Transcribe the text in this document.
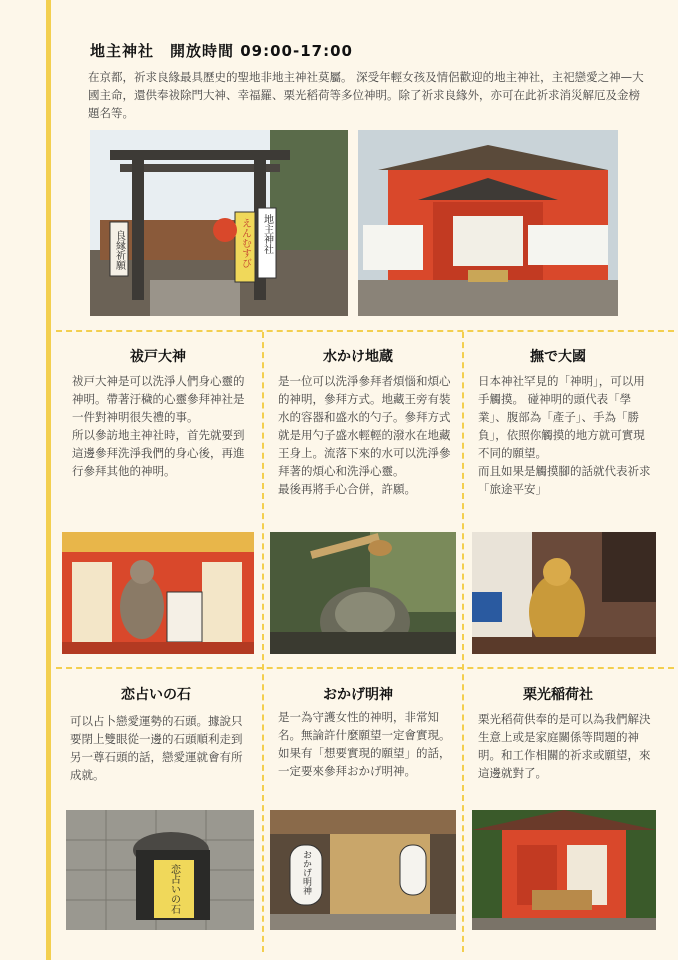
地主神社　開放時間 09:00-17:00
在京都，祈求良緣最具歷史的聖地非地主神社莫屬。 深受年輕女孩及情侶歡迎的地主神社，主祀戀愛之神—大國主命，還供奉祓除門大神、幸福羅、栗光稻荷等多位神明。除了祈求良緣外，亦可在此祈求消災解厄及金榜題名等。
良縁祈願	えんむすび 地主神社
祓戸大神
祓戸大神是可以洗淨人們身心靈的神明。帶著汙穢的心靈參拜神社是一件對神明很失禮的事。
所以參訪地主神社時，首先就要到這邊參拜洗淨我們的身心後，再進行參拜其他的神明。
水かけ地蔵
是一位可以洗淨參拜者煩惱和煩心的神明，參拜方式。地藏王旁有裝水的容器和盛水的勺子。參拜方式就是用勺子盛水輕輕的潑水在地藏王身上。流落下來的水可以洗淨參拜著的煩心和洗淨心靈。
最後再將手心合併，許願。
撫で大國
日本神社罕見的「神明」，可以用手觸摸。 碰神明的頭代表「學業」、腹部為「產子」、手為「勝負」，依照你觸摸的地方就可實現不同的願望。
而且如果是觸摸腳的話就代表祈求「旅途平安」
恋占いの石
可以占卜戀愛運勢的石頭。據說只要閉上雙眼從一邊的石頭順利走到另一尊石頭的話，戀愛運就會有所成就。
おかげ明神
是一為守護女性的神明，非常知名。無論許什麼願望一定會實現。如果有「想要實現的願望」的話，一定要來參拜おかげ明神。
栗光稲荷社
栗光稻荷供奉的是可以為我們解決生意上或是家庭關係等問題的神明。和工作相關的祈求或願望，來這邊就對了。
恋占いの石	おかげ明神
